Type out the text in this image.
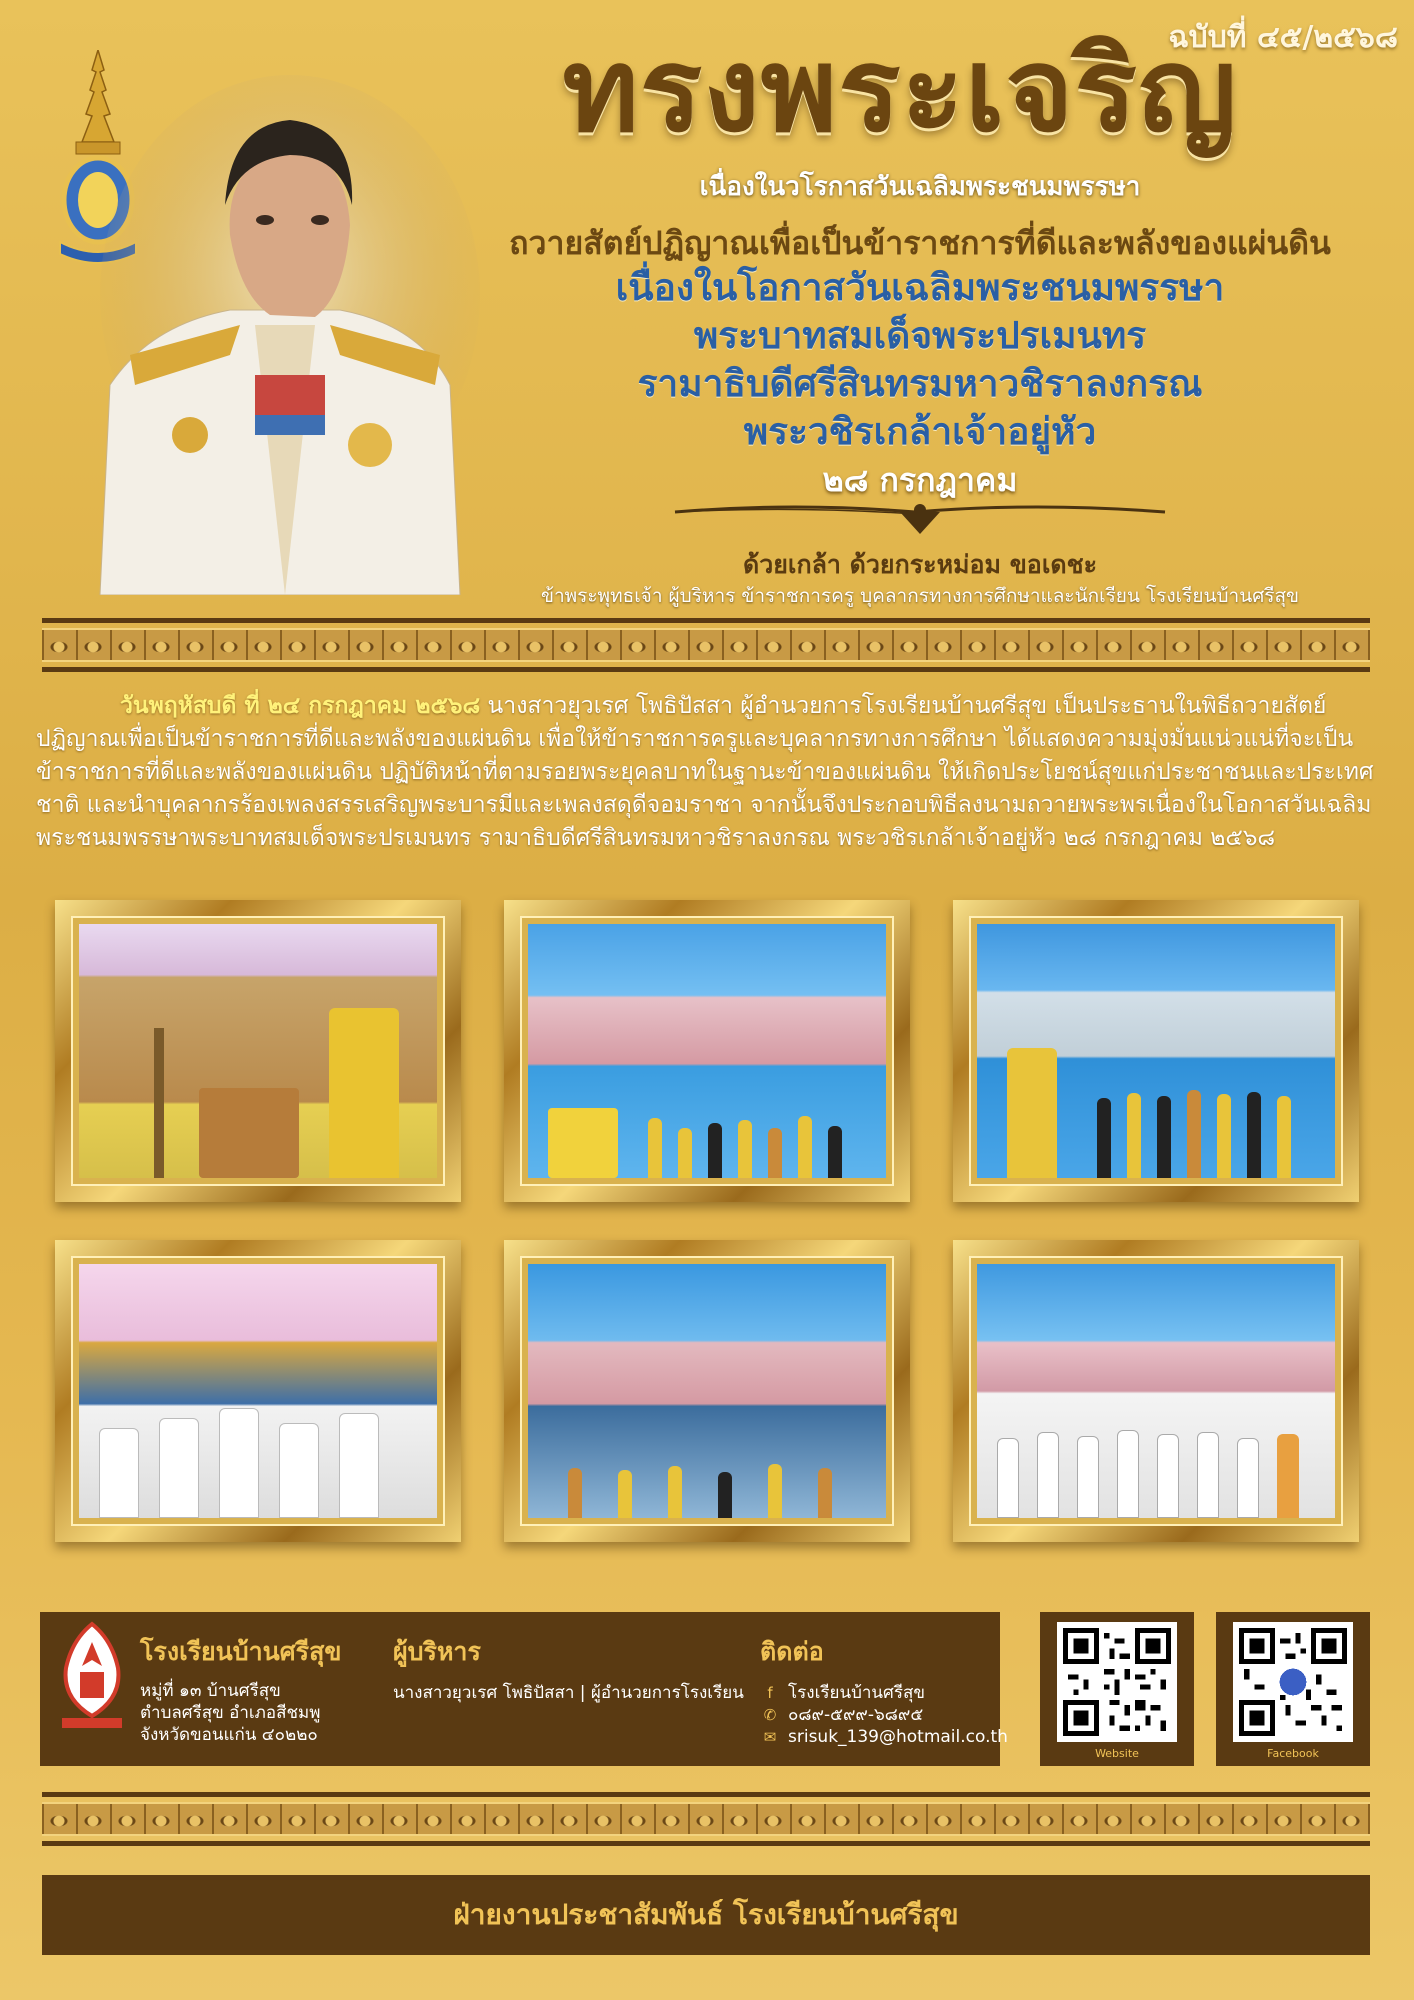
ฉบับที่ ๔๕/๒๕๖๘
ทรงพระเจริญ
เนื่องในวโรกาสวันเฉลิมพระชนมพรรษา
ถวายสัตย์ปฏิญาณเพื่อเป็นข้าราชการที่ดีและพลังของแผ่นดิน
เนื่องในโอกาสวันเฉลิมพระชนมพรรษา
พระบาทสมเด็จพระปรเมนทร
รามาธิบดีศรีสินทรมหาวชิราลงกรณ
พระวชิรเกล้าเจ้าอยู่หัว
๒๘ กรกฎาคม
ด้วยเกล้า ด้วยกระหม่อม ขอเดชะ
ข้าพระพุทธเจ้า ผู้บริหาร ข้าราชการครู บุคลากรทางการศึกษาและนักเรียน โรงเรียนบ้านศรีสุข
วันพฤหัสบดี ที่ ๒๔ กรกฎาคม ๒๕๖๘ นางสาวยุวเรศ โพธิปัสสา ผู้อำนวยการโรงเรียนบ้านศรีสุข เป็นประธานในพิธีถวายสัตย์ปฏิญาณเพื่อเป็นข้าราชการที่ดีและพลังของแผ่นดิน เพื่อให้ข้าราชการครูและบุคลากรทางการศึกษา ได้แสดงความมุ่งมั่นแน่วแน่ที่จะเป็นข้าราชการที่ดีและพลังของแผ่นดิน ปฏิบัติหน้าที่ตามรอยพระยุคลบาทในฐานะข้าของแผ่นดิน ให้เกิดประโยชน์สุขแก่ประชาชนและประเทศชาติ และนำบุคลากรร้องเพลงสรรเสริญพระบารมีและเพลงสดุดีจอมราชา จากนั้นจึงประกอบพิธีลงนามถวายพระพรเนื่องในโอกาสวันเฉลิมพระชนมพรรษาพระบาทสมเด็จพระปรเมนทร รามาธิบดีศรีสินทรมหาวชิราลงกรณ พระวชิรเกล้าเจ้าอยู่หัว ๒๘ กรกฎาคม ๒๕๖๘
โรงเรียนบ้านศรีสุข
หมู่ที่ ๑๓ บ้านศรีสุข
ตำบลศรีสุข อำเภอสีชมพู
จังหวัดขอนแก่น ๔๐๒๒๐
ผู้บริหาร
นางสาวยุวเรศ โพธิปัสสา | ผู้อำนวยการโรงเรียน
ติดต่อ
f โรงเรียนบ้านศรีสุข
✆ ๐๘๙-๕๙๙-๖๘๙๕
✉ srisuk_139@hotmail.co.th
Website	Facebook
ฝ่ายงานประชาสัมพันธ์ โรงเรียนบ้านศรีสุข
